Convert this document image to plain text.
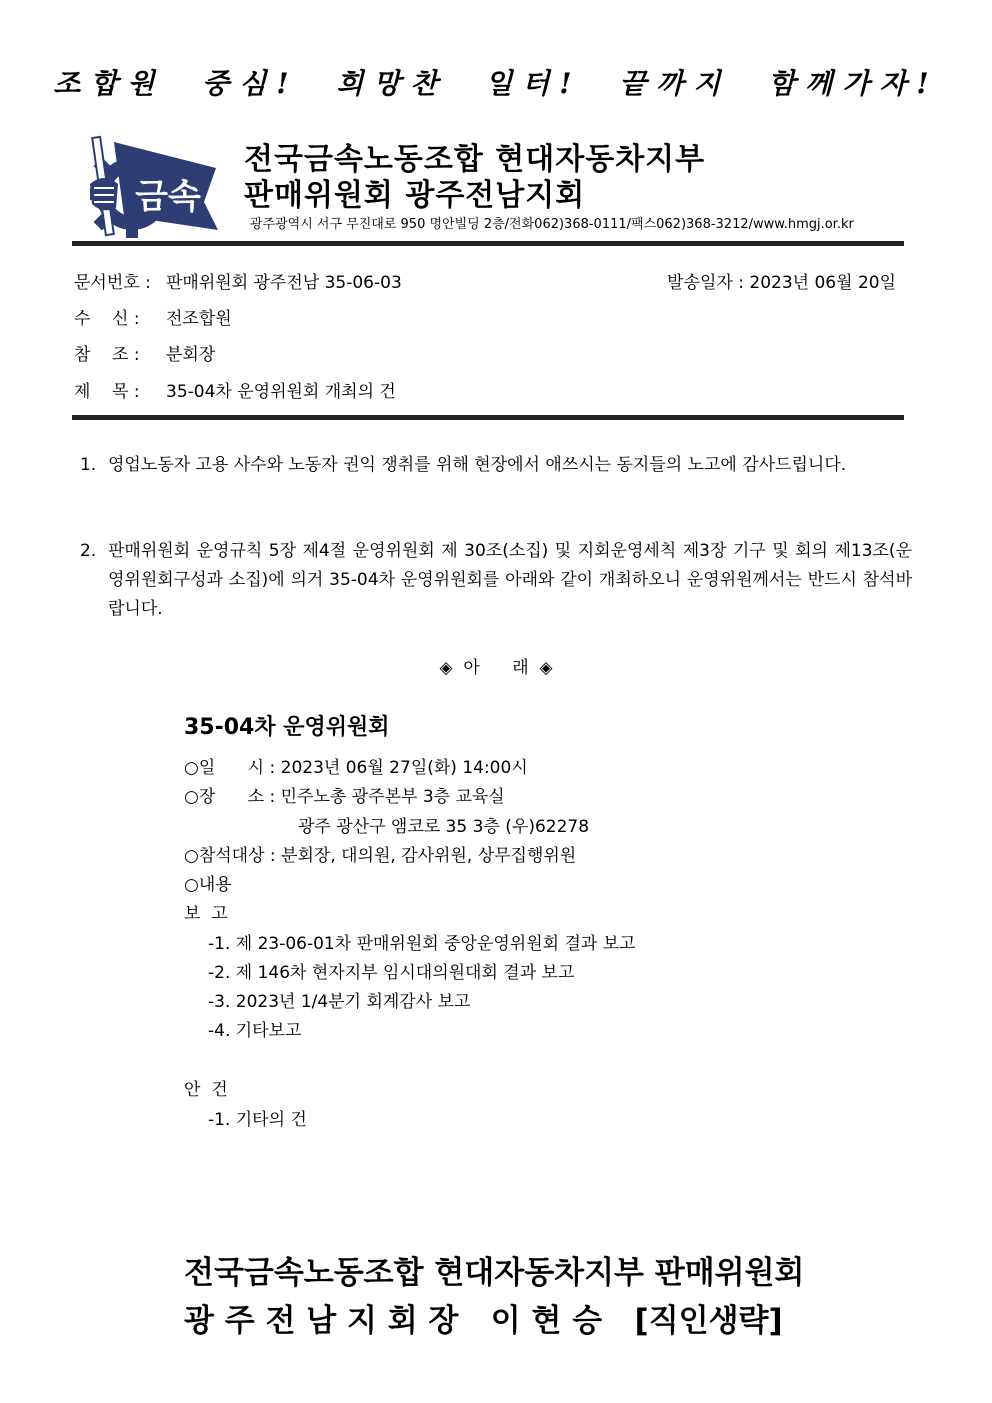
조합원 중심! 희망찬 일터! 끝까지 함께가자!
금속
전국금속노동조합 현대자동차지부
판매위원회 광주전남지회
광주광역시 서구 무진대로 950 명안빌딩 2층/전화062)368-0111/팩스062)368-3212/www.hmgj.or.kr
문서번호 : 판매위원회 광주전남 35-06-03	발송일자 : 2023년 06월 20일
수    신 : 전조합원
참    조 : 분회장
제    목 : 35-04차 운영위원회 개최의 건
1. 영업노동자 고용 사수와 노동자 권익 쟁취를 위해 현장에서 애쓰시는 동지들의 노고에 감사드립니다.
2. 판매위원회 운영규칙 5장 제4절 운영위원회 제 30조(소집) 및 지회운영세칙 제3장 기구 및 회의 제13조(운영위원회구성과 소집)에 의거 35-04차 운영위원회를 아래와 같이 개최하오니 운영위원께서는 반드시 참석바랍니다.
◈  아      래  ◈
35-04차 운영위원회
○일      시 : 2023년 06월 27일(화) 14:00시
○장      소 : 민주노총 광주본부 3층 교육실
광주 광산구 앰코로 35 3층 (우)62278
○참석대상 : 분회장, 대의원, 감사위원, 상무집행위원
○내용
보  고
-1. 제 23-06-01차 판매위원회 중앙운영위원회 결과 보고
-2. 제 146차 현자지부 임시대의원대회 결과 보고
-3. 2023년 1/4분기 회계감사 보고
-4. 기타보고
안  건
-1. 기타의 건
전국금속노동조합 현대자동차지부 판매위원회
광 주 전 남 지 회 장   이 현 승   [직인생략]
